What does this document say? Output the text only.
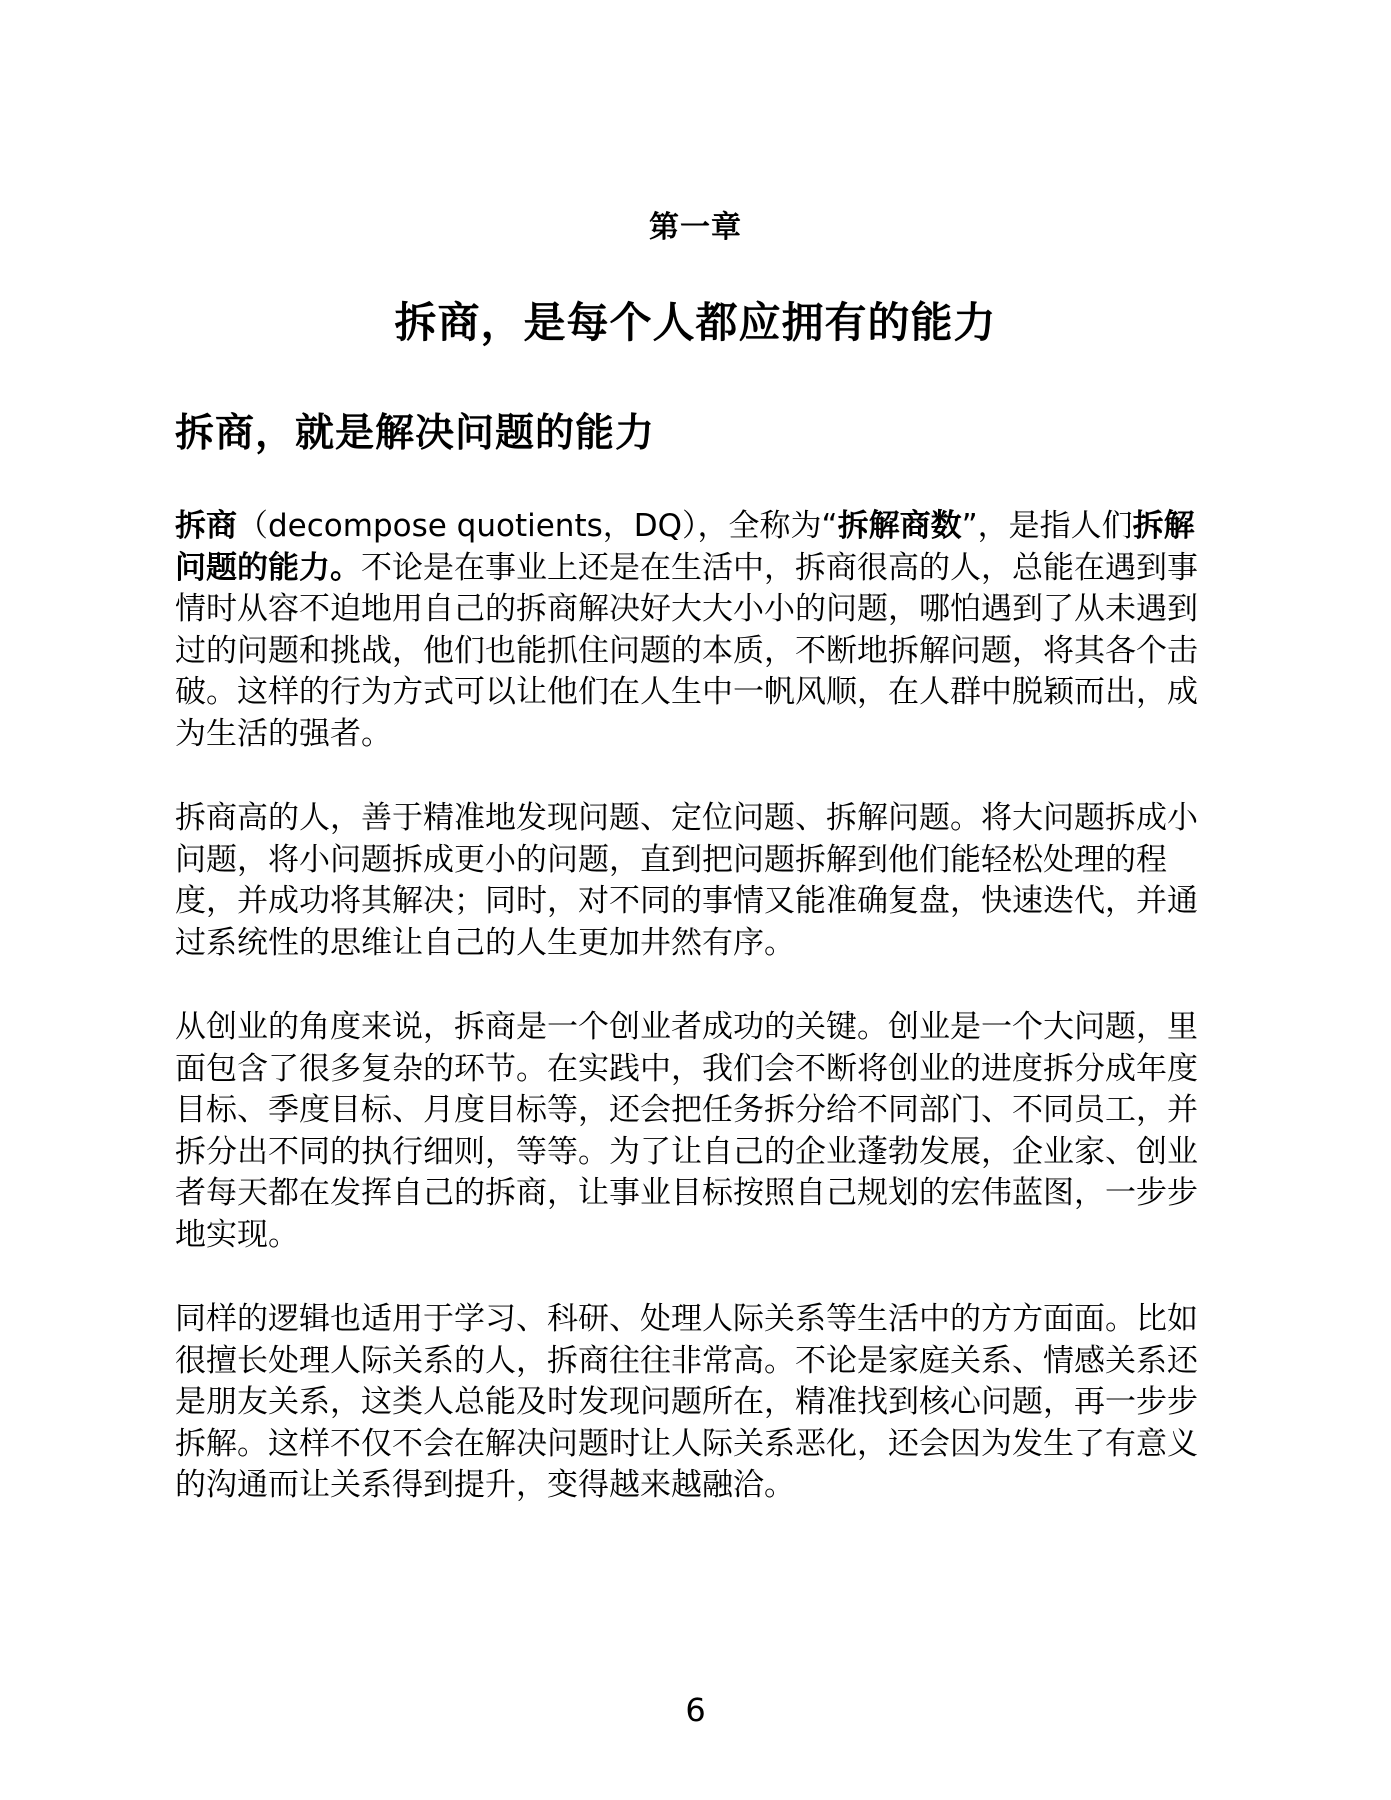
第一章
拆商，是每个人都应拥有的能力
拆商，就是解决问题的能力

拆商（decompose quotients，DQ），全称为“拆解商数”，是指人们拆解问题的能力。不论是在事业上还是在生活中，拆商很高的人，总能在遇到事情时从容不迫地用自己的拆商解决好大大小小的问题，哪怕遇到了从未遇到过的问题和挑战，他们也能抓住问题的本质，不断地拆解问题，将其各个击破。这样的行为方式可以让他们在人生中一帆风顺，在人群中脱颖而出，成为生活的强者。

拆商高的人，善于精准地发现问题、定位问题、拆解问题。将大问题拆成小问题，将小问题拆成更小的问题，直到把问题拆解到他们能轻松处理的程度，并成功将其解决；同时，对不同的事情又能准确复盘，快速迭代，并通过系统性的思维让自己的人生更加井然有序。

从创业的角度来说，拆商是一个创业者成功的关键。创业是一个大问题，里面包含了很多复杂的环节。在实践中，我们会不断将创业的进度拆分成年度目标、季度目标、月度目标等，还会把任务拆分给不同部门、不同员工，并拆分出不同的执行细则，等等。为了让自己的企业蓬勃发展，企业家、创业者每天都在发挥自己的拆商，让事业目标按照自己规划的宏伟蓝图，一步步地实现。

同样的逻辑也适用于学习、科研、处理人际关系等生活中的方方面面。比如很擅长处理人际关系的人，拆商往往非常高。不论是家庭关系、情感关系还是朋友关系，这类人总能及时发现问题所在，精准找到核心问题，再一步步拆解。这样不仅不会在解决问题时让人际关系恶化，还会因为发生了有意义的沟通而让关系得到提升，变得越来越融洽。

6
